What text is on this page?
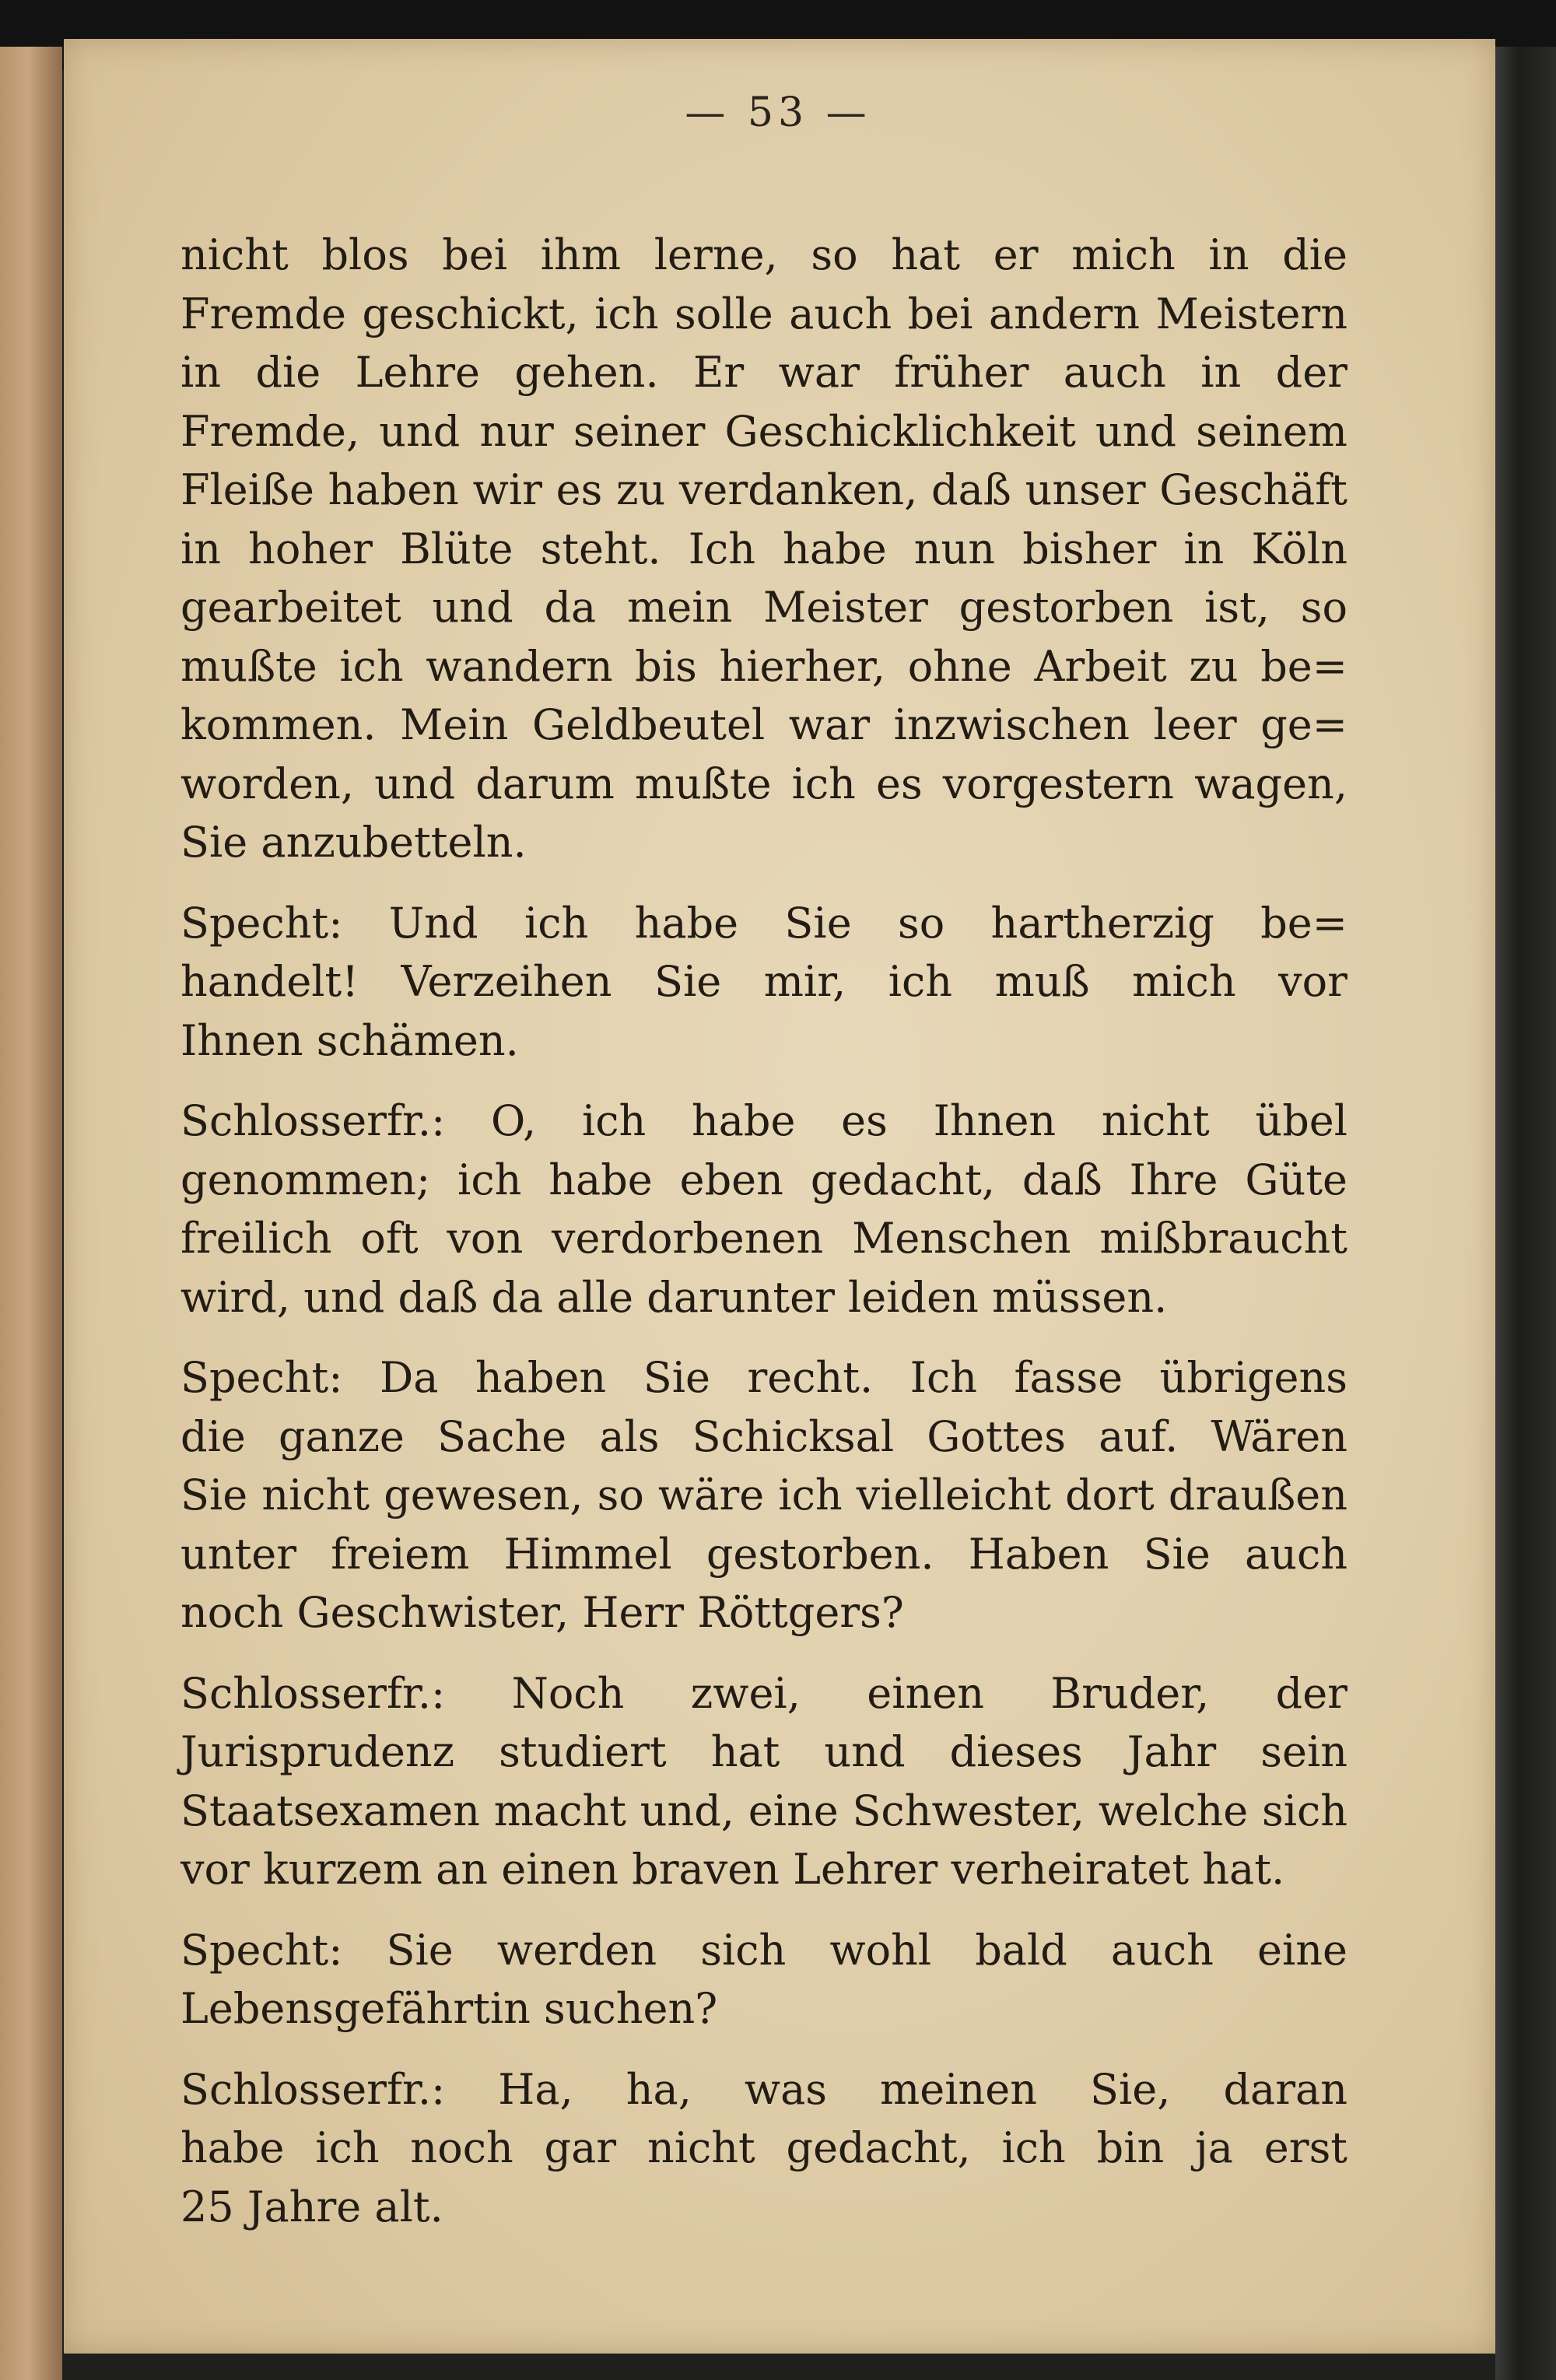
— 53 —
nicht blos bei ihm lerne, so hat er mich in die
Fremde geschickt, ich solle auch bei andern Meistern
in die Lehre gehen. Er war früher auch in der
Fremde, und nur seiner Geschicklichkeit und seinem
Fleiße haben wir es zu verdanken, daß unser Geschäft
in hoher Blüte steht. Ich habe nun bisher in Köln
gearbeitet und da mein Meister gestorben ist, so
mußte ich wandern bis hierher, ohne Arbeit zu be=
kommen. Mein Geldbeutel war inzwischen leer ge=
worden, und darum mußte ich es vorgestern wagen,
Sie anzubetteln.
Specht: Und ich habe Sie so hartherzig be=
handelt! Verzeihen Sie mir, ich muß mich vor
Ihnen schämen.
Schlosserfr.: O, ich habe es Ihnen nicht übel
genommen; ich habe eben gedacht, daß Ihre Güte
freilich oft von verdorbenen Menschen mißbraucht
wird, und daß da alle darunter leiden müssen.
Specht: Da haben Sie recht. Ich fasse übrigens
die ganze Sache als Schicksal Gottes auf. Wären
Sie nicht gewesen, so wäre ich vielleicht dort draußen
unter freiem Himmel gestorben. Haben Sie auch
noch Geschwister, Herr Röttgers?
Schlosserfr.: Noch zwei, einen Bruder, der
Jurisprudenz studiert hat und dieses Jahr sein
Staatsexamen macht und, eine Schwester, welche sich
vor kurzem an einen braven Lehrer verheiratet hat.
Specht: Sie werden sich wohl bald auch eine
Lebensgefährtin suchen?
Schlosserfr.: Ha, ha, was meinen Sie, daran
habe ich noch gar nicht gedacht, ich bin ja erst
25 Jahre alt.
